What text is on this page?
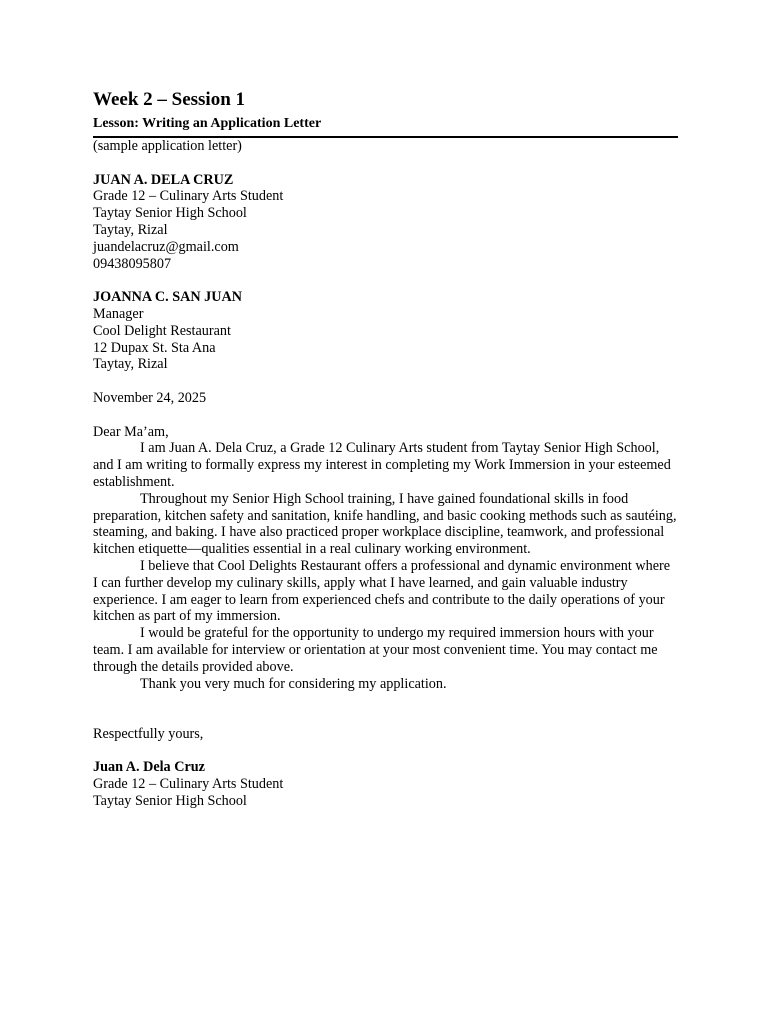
Week 2 – Session 1
Lesson: Writing an Application Letter
(sample application letter)
JUAN A. DELA CRUZ
Grade 12 – Culinary Arts Student
Taytay Senior High School
Taytay, Rizal
juandelacruz@gmail.com
09438095807
JOANNA C. SAN JUAN
Manager
Cool Delight Restaurant
12 Dupax St. Sta Ana
Taytay, Rizal
November 24, 2025
Dear Ma’am,
I am Juan A. Dela Cruz, a Grade 12 Culinary Arts student from Taytay Senior High School, and I am writing to formally express my interest in completing my Work Immersion in your esteemed establishment.
Throughout my Senior High School training, I have gained foundational skills in food preparation, kitchen safety and sanitation, knife handling, and basic cooking methods such as sautéing, steaming, and baking. I have also practiced proper workplace discipline, teamwork, and professional kitchen etiquette—qualities essential in a real culinary working environment.
I believe that Cool Delights Restaurant offers a professional and dynamic environment where I can further develop my culinary skills, apply what I have learned, and gain valuable industry experience. I am eager to learn from experienced chefs and contribute to the daily operations of your kitchen as part of my immersion.
I would be grateful for the opportunity to undergo my required immersion hours with your team. I am available for interview or orientation at your most convenient time. You may contact me through the details provided above.
Thank you very much for considering my application.
Respectfully yours,
Juan A. Dela Cruz
Grade 12 – Culinary Arts Student
Taytay Senior High School
